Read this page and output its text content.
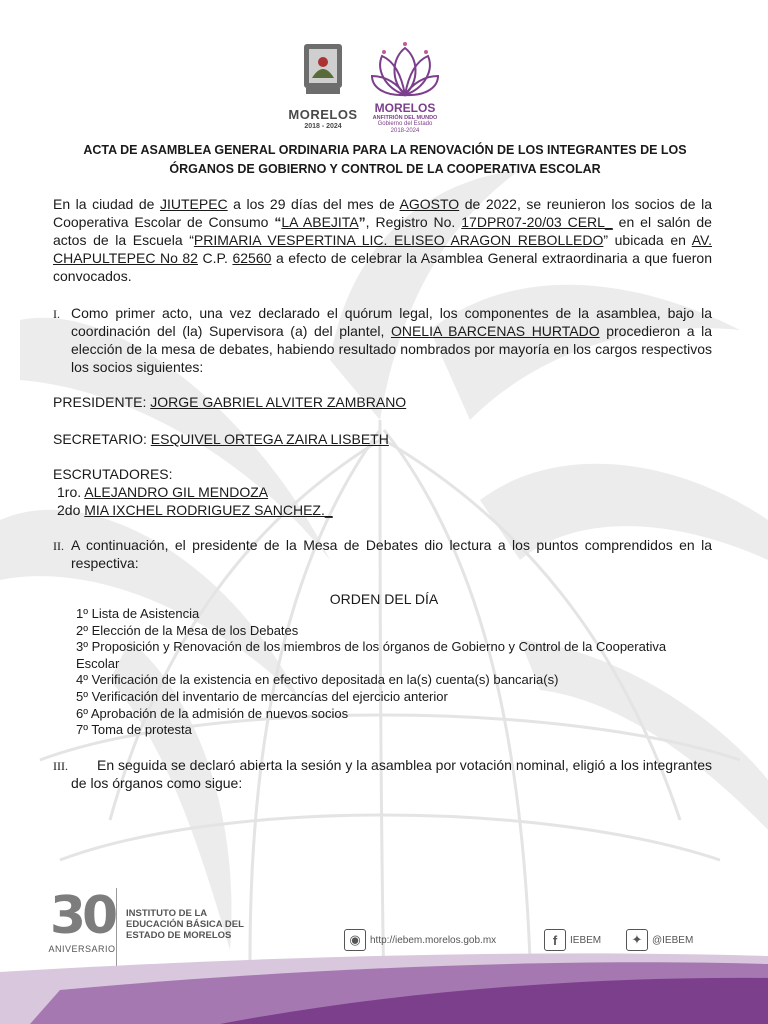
MORELOS
2018 - 2024
MORELOS
ANFITRIÓN DEL MUNDO
Gobierno del Estado
2018-2024
ACTA DE ASAMBLEA GENERAL ORDINARIA PARA LA RENOVACIÓN DE LOS INTEGRANTES DE LOS
ÓRGANOS DE GOBIERNO Y CONTROL DE LA COOPERATIVA ESCOLAR
En la ciudad de JIUTEPEC a los 29 días del mes de AGOSTO de 2022, se reunieron los socios de la Cooperativa Escolar de Consumo “LA ABEJITA”, Registro No. 17DPR07-20/03 CERL_ en el salón de actos de la Escuela “PRIMARIA VESPERTINA LIC. ELISEO ARAGON REBOLLEDO” ubicada en AV. CHAPULTEPEC No 82 C.P. 62560 a efecto de celebrar la Asamblea General extraordinaria a que fueron convocados.
I. Como primer acto, una vez declarado el quórum legal, los componentes de la asamblea, bajo la coordinación del (la) Supervisora (a) del plantel, ONELIA BARCENAS HURTADO procedieron a la elección de la mesa de debates, habiendo resultado nombrados por mayoría en los cargos respectivos los socios siguientes:
PRESIDENTE: JORGE GABRIEL ALVITER ZAMBRANO
SECRETARIO: ESQUIVEL ORTEGA ZAIRA LISBETH
ESCRUTADORES:
1ro. ALEJANDRO GIL MENDOZA
2do MIA IXCHEL RODRIGUEZ SANCHEZ._
II. A continuación, el presidente de la Mesa de Debates dio lectura a los puntos comprendidos en la respectiva:
ORDEN DEL DÍA
1º Lista de Asistencia
2º Elección de la Mesa de los Debates
3º Proposición y Renovación de los miembros de los órganos de Gobierno y Control de la Cooperativa Escolar
4º Verificación de la existencia en efectivo depositada en la(s) cuenta(s) bancaria(s)
5º Verificación del inventario de mercancías del ejercicio anterior
6º Aprobación de la admisión de nuevos socios
7º Toma de protesta
III.	En seguida se declaró abierta la sesión y la asamblea por votación nominal, eligió a los integrantes de los órganos como sigue:
30
ANIVERSARIO
INSTITUTO DE LA
EDUCACIÓN BÁSICA DEL
ESTADO DE MORELOS	◉ http://iebem.morelos.gob.mx	f	IEBEM	✦ @IEBEM
